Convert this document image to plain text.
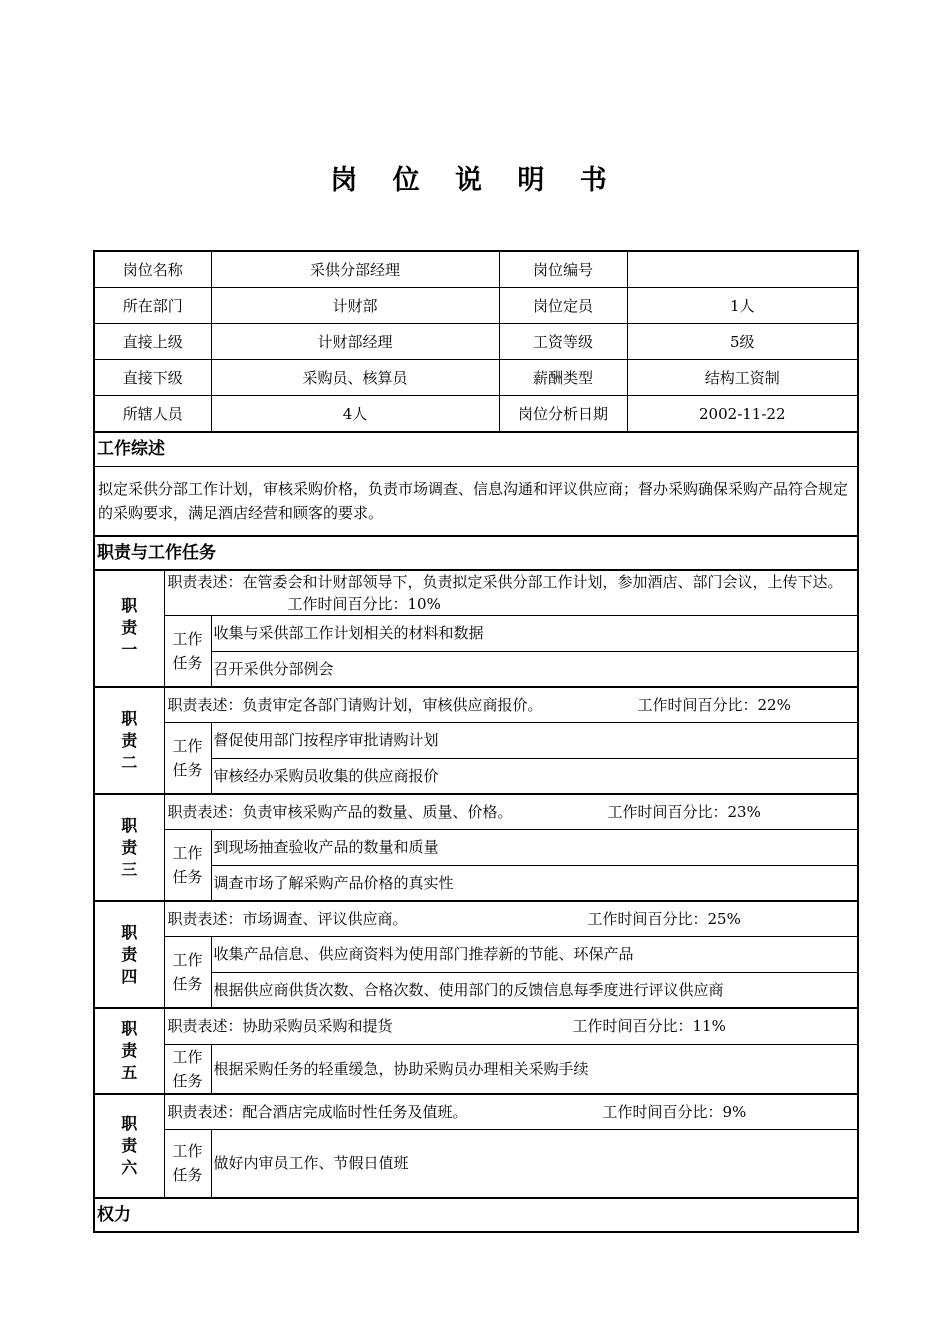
岗 位 说 明 书
岗位名称		采供分部经理	岗位编号	
所在部门		计财部	岗位定员	1人
直接上级		计财部经理	工资等级	5级
直接下级		采购员、核算员	薪酬类型	结构工资制
所辖人员		4人	岗位分析日期	2002-11-22
工作综述				
拟定采供分部工作计划，审核采购价格，负责市场调查、信息沟通和评议供应商；督办采购确保采购产品符合规定的采购要求，满足酒店经营和顾客的要求。				
职责与工作任务				

职责一	职责表述：在管委会和计财部领导下，负责拟定采供分部工作计划，参加酒店、部门会议，上传下达。工作时间百分比：10%			

	工作任务	收集与采供部工作计划相关的材料和数据		
		召开采供分部例会		

职责二	职责表述：负责审定各部门请购计划，审核供应商报价。 工作时间百分比：22%			

	工作任务	督促使用部门按程序审批请购计划		
		审核经办采购员收集的供应商报价		

职责三	职责表述：负责审核采购产品的数量、质量、价格。 工作时间百分比：23%			

	工作任务	到现场抽查验收产品的数量和质量		
		调查市场了解采购产品价格的真实性		

职责四	职责表述：市场调查、评议供应商。 工作时间百分比：25%			

	工作任务	收集产品信息、供应商资料为使用部门推荐新的节能、环保产品		
		根据供应商供货次数、合格次数、使用部门的反馈信息每季度进行评议供应商		

职责五	职责表述：协助采购员采购和提货 工作时间百分比：11%			

	工作任务	根据采购任务的轻重缓急，协助采购员办理相关采购手续		

职责六	职责表述：配合酒店完成临时性任务及值班。 工作时间百分比：9%			

	工作任务	做好内审员工作、节假日值班		
权力				
